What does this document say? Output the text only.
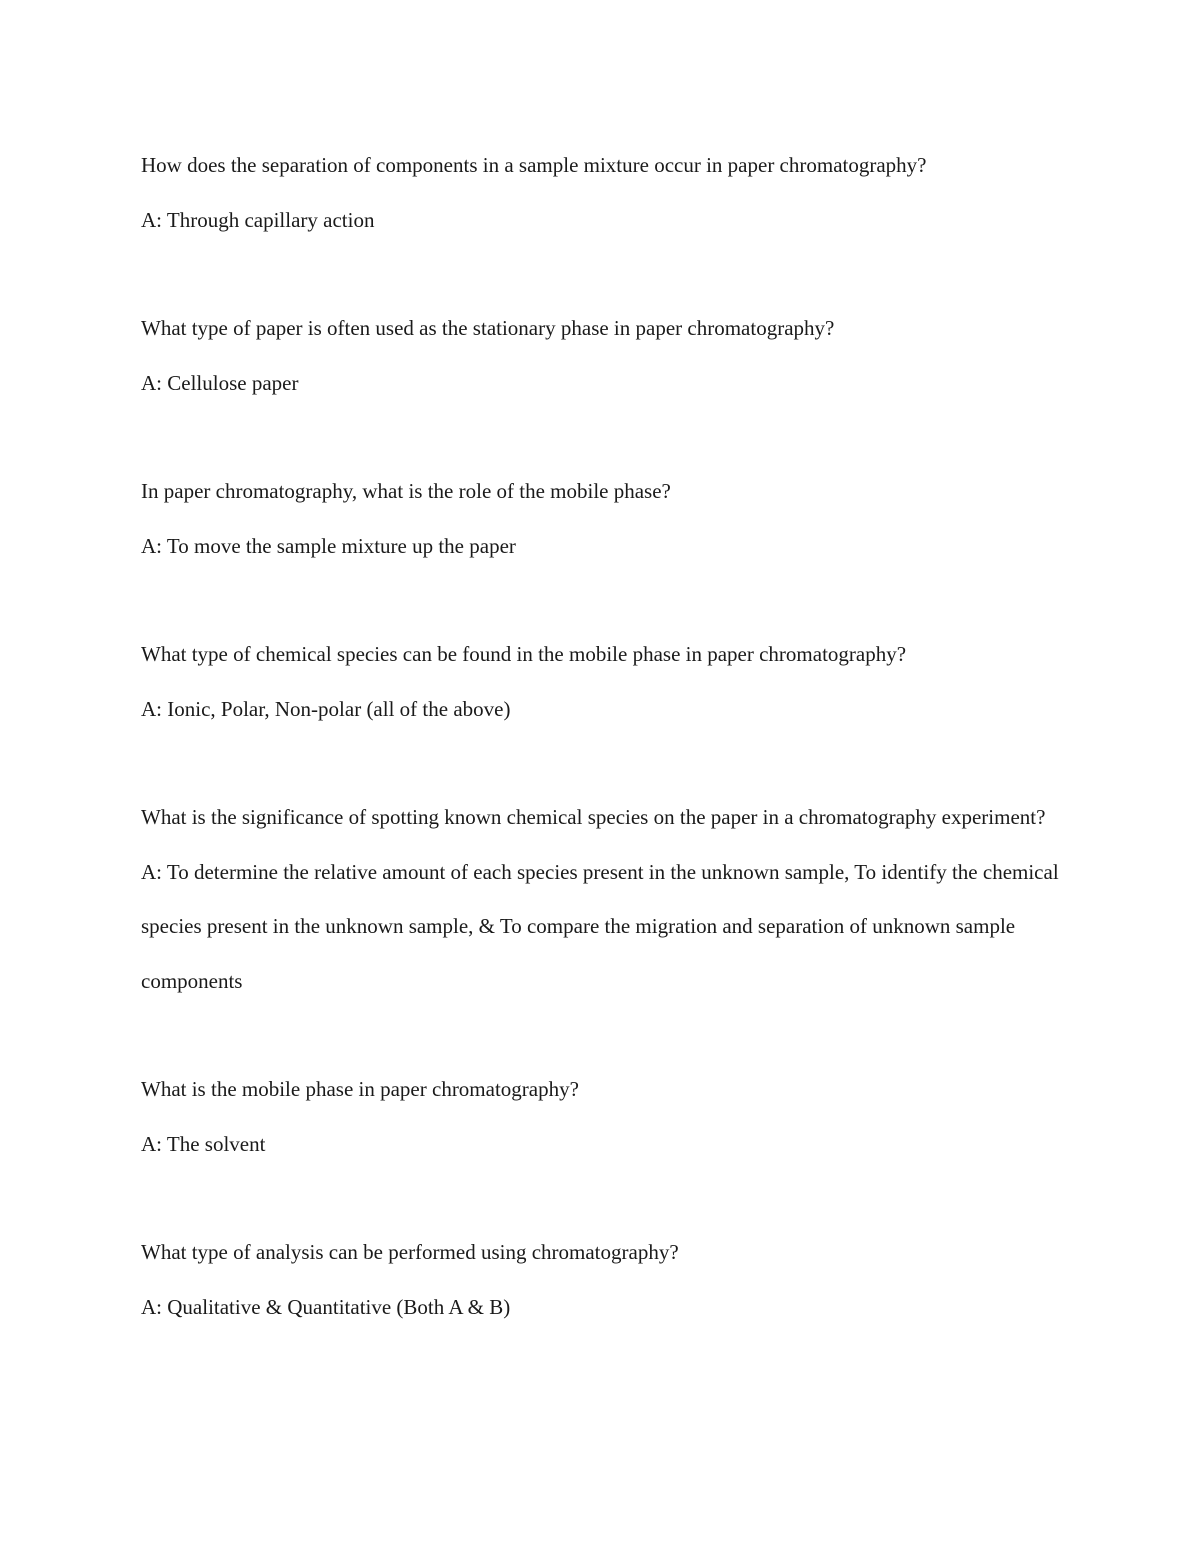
How does the separation of components in a sample mixture occur in paper chromatography?

A: Through capillary action

What type of paper is often used as the stationary phase in paper chromatography?

A: Cellulose paper

In paper chromatography, what is the role of the mobile phase?

A: To move the sample mixture up the paper

What type of chemical species can be found in the mobile phase in paper chromatography?

A: Ionic, Polar, Non-polar (all of the above)

What is the significance of spotting known chemical species on the paper in a chromatography experiment?

A: To determine the relative amount of each species present in the unknown sample, To identify the chemical species present in the unknown sample, & To compare the migration and separation of unknown sample components

What is the mobile phase in paper chromatography?

A: The solvent

What type of analysis can be performed using chromatography?

A: Qualitative & Quantitative (Both A & B)
